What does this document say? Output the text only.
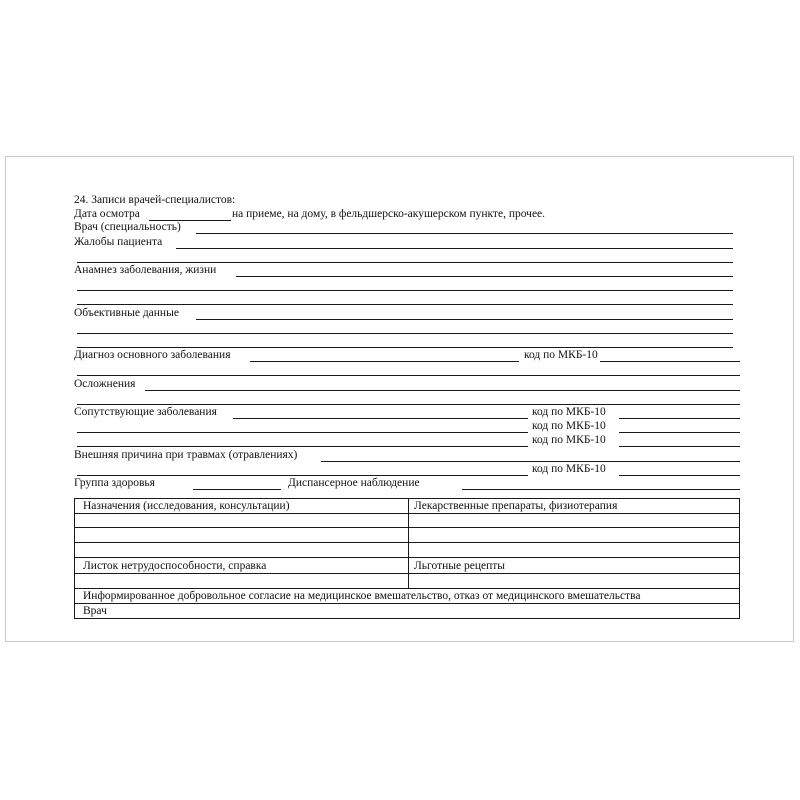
24. Записи врачей-специалистов:
Дата осмотра	на приеме, на дому, в фельдшерско-акушерском пункте, прочее.
Врач (специальность)
Жалобы пациента
Анамнез заболевания, жизни
Объективные данные
Диагноз основного заболевания	код по МКБ-10
Осложнения
Сопутствующие заболевания	код по МКБ-10
код по МКБ-10
код по МКБ-10
Внешняя причина при травмах (отравлениях)
код по МКБ-10
Группа здоровья	Диспансерное наблюдение
Назначения (исследования, консультации)	Лекарственные препараты, физиотерапия
Листок нетрудоспособности, справка	Льготные рецепты
Информированное добровольное согласие на медицинское вмешательство, отказ от медицинского вмешательства
Врач
